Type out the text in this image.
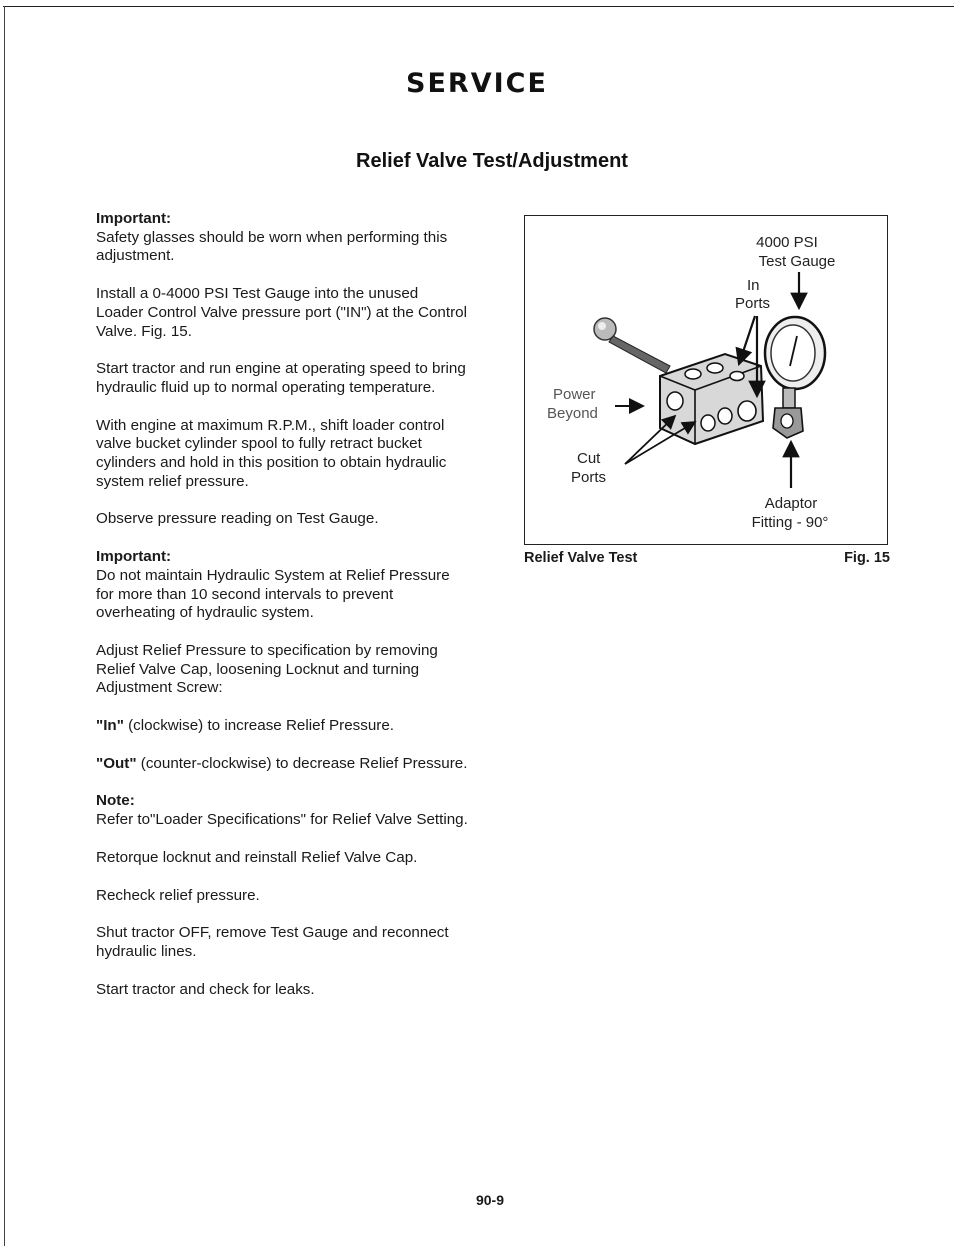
SERVICE
Relief Valve Test/Adjustment

Important:
Safety glasses should be worn when performing this adjustment.

Install a 0-4000 PSI Test Gauge into the unused Loader Control Valve pressure port ("IN") at the Control Valve. Fig. 15.

Start tractor and run engine at operating speed to bring hydraulic fluid up to normal operating temperature.

With engine at maximum R.P.M., shift loader control valve bucket cylinder spool to fully retract bucket cylinders and hold in this position to obtain hydraulic system relief pressure.

Observe pressure reading on Test Gauge.

Important:
Do not maintain Hydraulic System at Relief Pressure for more than 10 second intervals to prevent overheating of hydraulic system.

Adjust Relief Pressure to specification by removing Relief Valve Cap, loosening Locknut and turning Adjustment Screw:

"In" (clockwise) to increase Relief Pressure.

"Out" (counter-clockwise) to decrease Relief Pressure.

Note:
Refer to"Loader Specifications" for Relief Valve Setting.

Retorque locknut and reinstall Relief Valve Cap.

Recheck relief pressure.

Shut tractor OFF, remove Test Gauge and reconnect hydraulic lines.

Start tractor and check for leaks.

4000 PSI
Test Gauge
In
Ports
Power
Beyond
Cut
Ports
Adaptor
Fitting - 90°
Relief Valve Test	Fig. 15
90-9
